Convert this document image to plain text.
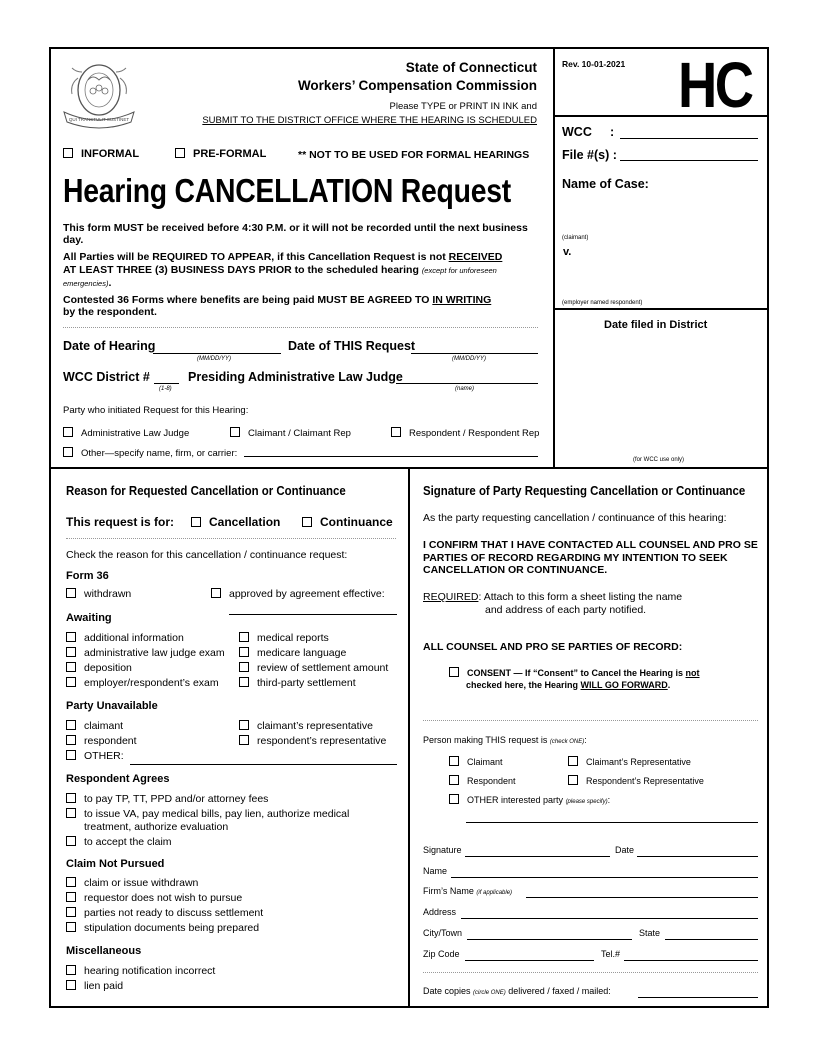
QUI TRANSTULIT SUSTINET
State of Connecticut
Workers’ Compensation Commission
Please TYPE or PRINT IN INK and
SUBMIT TO THE DISTRICT OFFICE WHERE THE HEARING IS SCHEDULED
Rev. 10-01-2021 HC
INFORMAL	PRE-FORMAL	** NOT TO BE USED FOR FORMAL HEARINGS
Hearing CANCELLATION Request
This form MUST be received before 4:30 P.M. or it will not be recorded until the next business day.
All Parties will be REQUIRED TO APPEAR, if this Cancellation Request is not RECEIVED
AT LEAST THREE (3) BUSINESS DAYS PRIOR to the scheduled hearing (except for unforeseen emergencies).
Contested 36 Forms where benefits are being paid MUST BE AGREED TO IN WRITING
by the respondent.
Date of Hearing
(MM/DD/YY)
Date of THIS Request
(MM/DD/YY)
WCC District #
(1-8)
Presiding Administrative Law Judge
(name)
Party who initiated Request for this Hearing:
Administrative Law Judge	Claimant / Claimant Rep	Respondent / Respondent Rep
Other—specify name, firm, or carrier:
WCC :
File #(s) :
Name of Case:
(claimant)
v.
(employer named respondent)
Date filed in District
(for WCC use only)
Reason for Requested Cancellation or Continuance
This request is for:	Cancellation	Continuance
Check the reason for this cancellation / continuance request:
Form 36
withdrawn	approved by agreement effective:
Awaiting
additional information	medical reports
administrative law judge exam	medicare language
deposition	review of settlement amount
employer/respondent’s exam	third-party settlement
Party Unavailable
claimant	claimant’s representative
respondent	respondent’s representative
OTHER:
Respondent Agrees
to pay TP, TT, PPD and/or attorney fees
to issue VA, pay medical bills, pay lien, authorize medical
treatment, authorize evaluation
to accept the claim
Claim Not Pursued
claim or issue withdrawn
requestor does not wish to pursue
parties not ready to discuss settlement
stipulation documents being prepared
Miscellaneous
hearing notification incorrect
lien paid
Signature of Party Requesting Cancellation or Continuance
As the party requesting cancellation / continuance of this hearing:
I CONFIRM THAT I HAVE CONTACTED ALL COUNSEL AND PRO SE PARTIES OF RECORD REGARDING MY INTENTION TO SEEK CANCELLATION OR CONTINUANCE.
REQUIRED: Attach to this form a sheet listing the name
and address of each party notified.
ALL COUNSEL AND PRO SE PARTIES OF RECORD:
CONSENT — If “Consent” to Cancel the Hearing is not
checked here, the Hearing WILL GO FORWARD.
Person making THIS request is (check ONE):
Claimant	Claimant’s Representative
Respondent	Respondent’s Representative
OTHER interested party (please specify):
Signature	Date
Name
Firm’s Name (if applicable)
Address
City/Town	State
Zip Code	Tel.#
Date copies (circle ONE) delivered / faxed / mailed:
